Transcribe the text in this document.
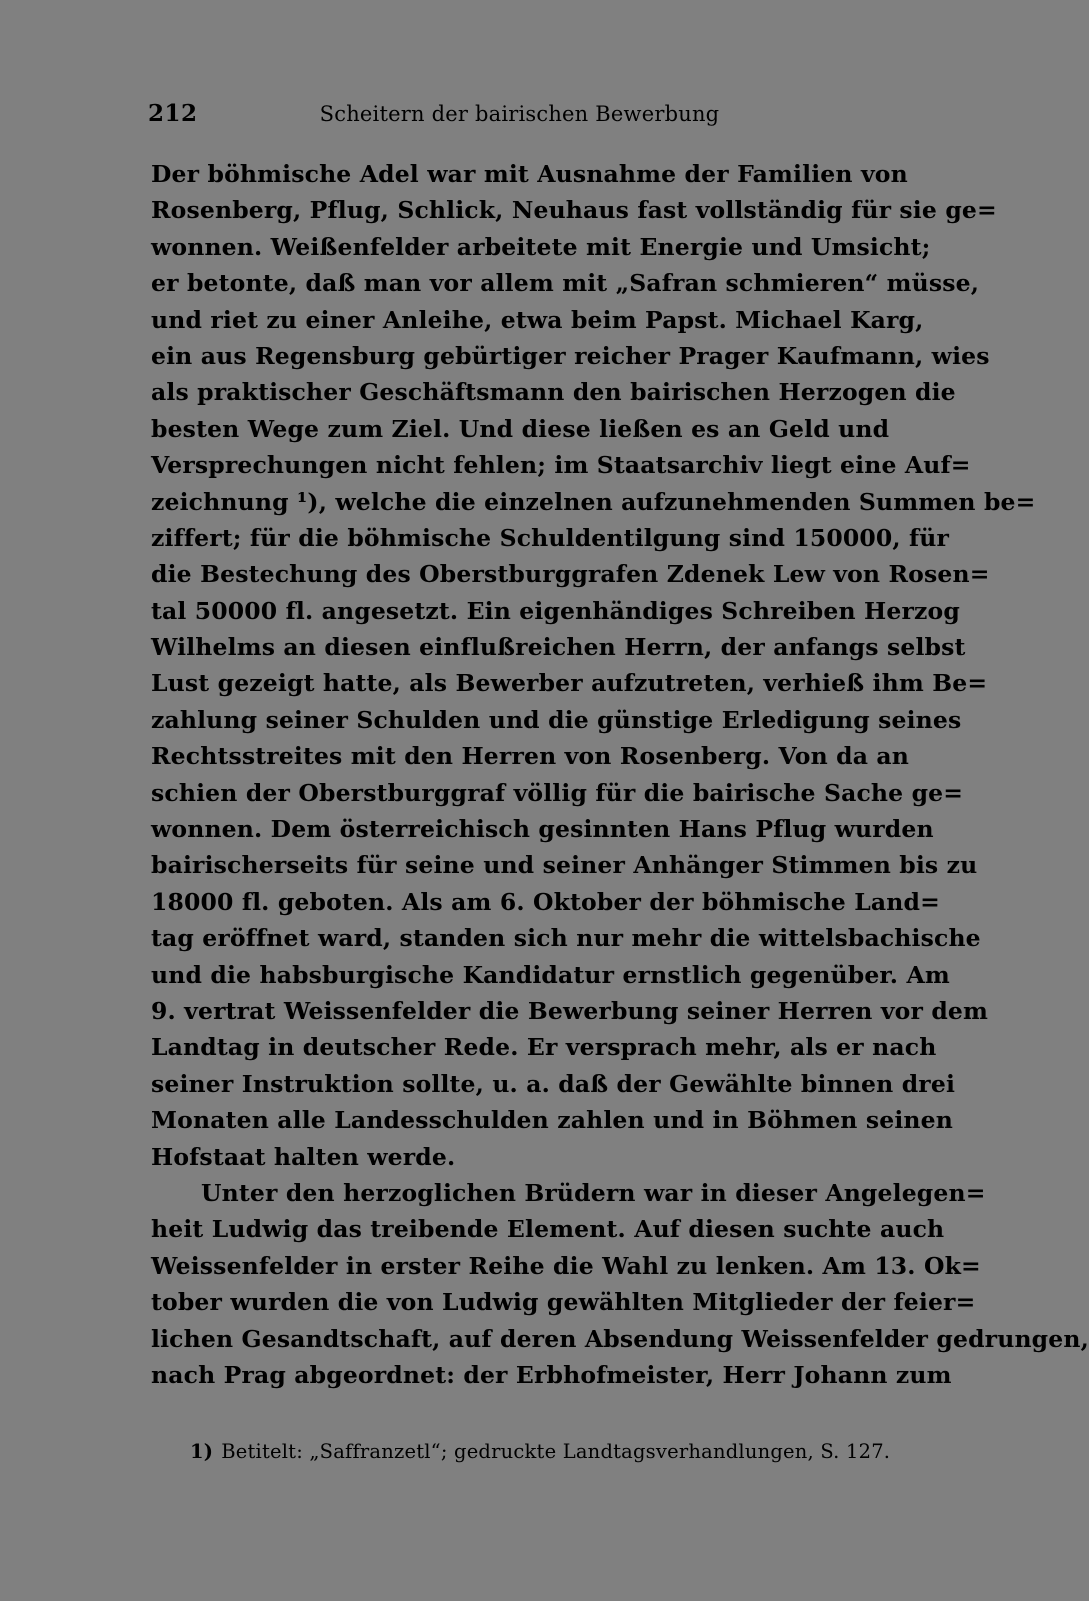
212	Scheitern der bairischen Bewerbung
Der böhmische Adel war mit Ausnahme der Familien von
Rosenberg, Pflug, Schlick, Neuhaus fast vollständig für sie ge=
wonnen. Weißenfelder arbeitete mit Energie und Umsicht;
er betonte, daß man vor allem mit „Safran schmieren“ müsse,
und riet zu einer Anleihe, etwa beim Papst. Michael Karg,
ein aus Regensburg gebürtiger reicher Prager Kaufmann, wies
als praktischer Geschäftsmann den bairischen Herzogen die
besten Wege zum Ziel. Und diese ließen es an Geld und
Versprechungen nicht fehlen; im Staatsarchiv liegt eine Auf=
zeichnung ¹), welche die einzelnen aufzunehmenden Summen be=
ziffert; für die böhmische Schuldentilgung sind 150000, für
die Bestechung des Oberstburggrafen Zdenek Lew von Rosen=
tal 50000 fl. angesetzt. Ein eigenhändiges Schreiben Herzog
Wilhelms an diesen einflußreichen Herrn, der anfangs selbst
Lust gezeigt hatte, als Bewerber aufzutreten, verhieß ihm Be=
zahlung seiner Schulden und die günstige Erledigung seines
Rechtsstreites mit den Herren von Rosenberg. Von da an
schien der Oberstburggraf völlig für die bairische Sache ge=
wonnen. Dem österreichisch gesinnten Hans Pflug wurden
bairischerseits für seine und seiner Anhänger Stimmen bis zu
18000 fl. geboten. Als am 6. Oktober der böhmische Land=
tag eröffnet ward, standen sich nur mehr die wittelsbachische
und die habsburgische Kandidatur ernstlich gegenüber. Am
9. vertrat Weissenfelder die Bewerbung seiner Herren vor dem
Landtag in deutscher Rede. Er versprach mehr, als er nach
seiner Instruktion sollte, u. a. daß der Gewählte binnen drei
Monaten alle Landesschulden zahlen und in Böhmen seinen
Hofstaat halten werde.
Unter den herzoglichen Brüdern war in dieser Angelegen=
heit Ludwig das treibende Element. Auf diesen suchte auch
Weissenfelder in erster Reihe die Wahl zu lenken. Am 13. Ok=
tober wurden die von Ludwig gewählten Mitglieder der feier=
lichen Gesandtschaft, auf deren Absendung Weissenfelder gedrungen,
nach Prag abgeordnet: der Erbhofmeister, Herr Johann zum
1) Betitelt: „Saffranzetl“; gedruckte Landtagsverhandlungen, S. 127.
